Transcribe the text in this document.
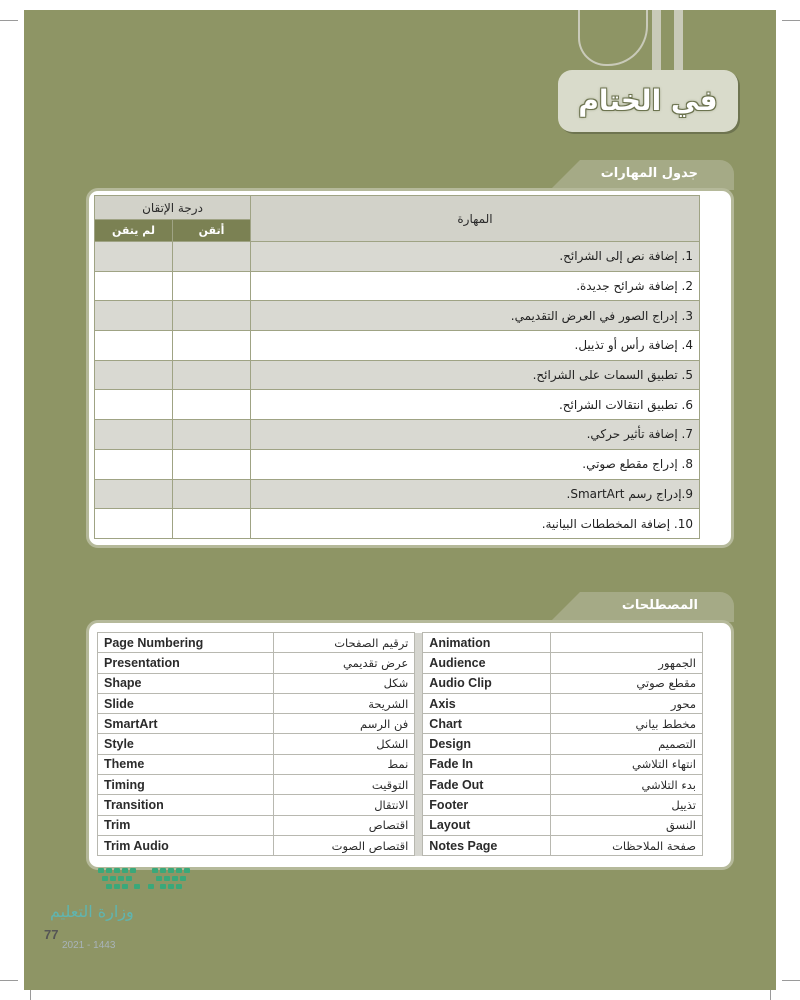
في الختام
جدول المهارات
المصطلحات
درجة الإتقان		المهارة
لم يتقن	أتقن	
		1. إضافة نص إلى الشرائح.
		2. إضافة شرائح جديدة.
		3. إدراج الصور في العرض التقديمي.
		4. إضافة رأس أو تذييل.
		5. تطبيق السمات على الشرائح.
		6. تطبيق انتقالات الشرائح.
		7. إضافة تأثير حركي.
		8. إدراج مقطع صوتي.
		9.إدراج رسم SmartArt.
		10. إضافة المخططات البيانية.
Page Numbering	ترقيم الصفحات		Animation	
Presentation	عرض تقديمي		Audience	الجمهور
Shape	شكل		Audio Clip	مقطع صوتي
Slide	الشريحة		Axis	محور
SmartArt	فن الرسم		Chart	مخطط بياني
Style	الشكل		Design	التصميم
Theme	نمط		Fade In	انتهاء التلاشي
Timing	التوقيت		Fade Out	بدء التلاشي
Transition	الانتقال		Footer	تذييل
Trim	اقتصاص		Layout	النسق
Trim Audio	اقتصاص الصوت		Notes Page	صفحة الملاحظات
وزارة التعليم
77
2021 - 1443
